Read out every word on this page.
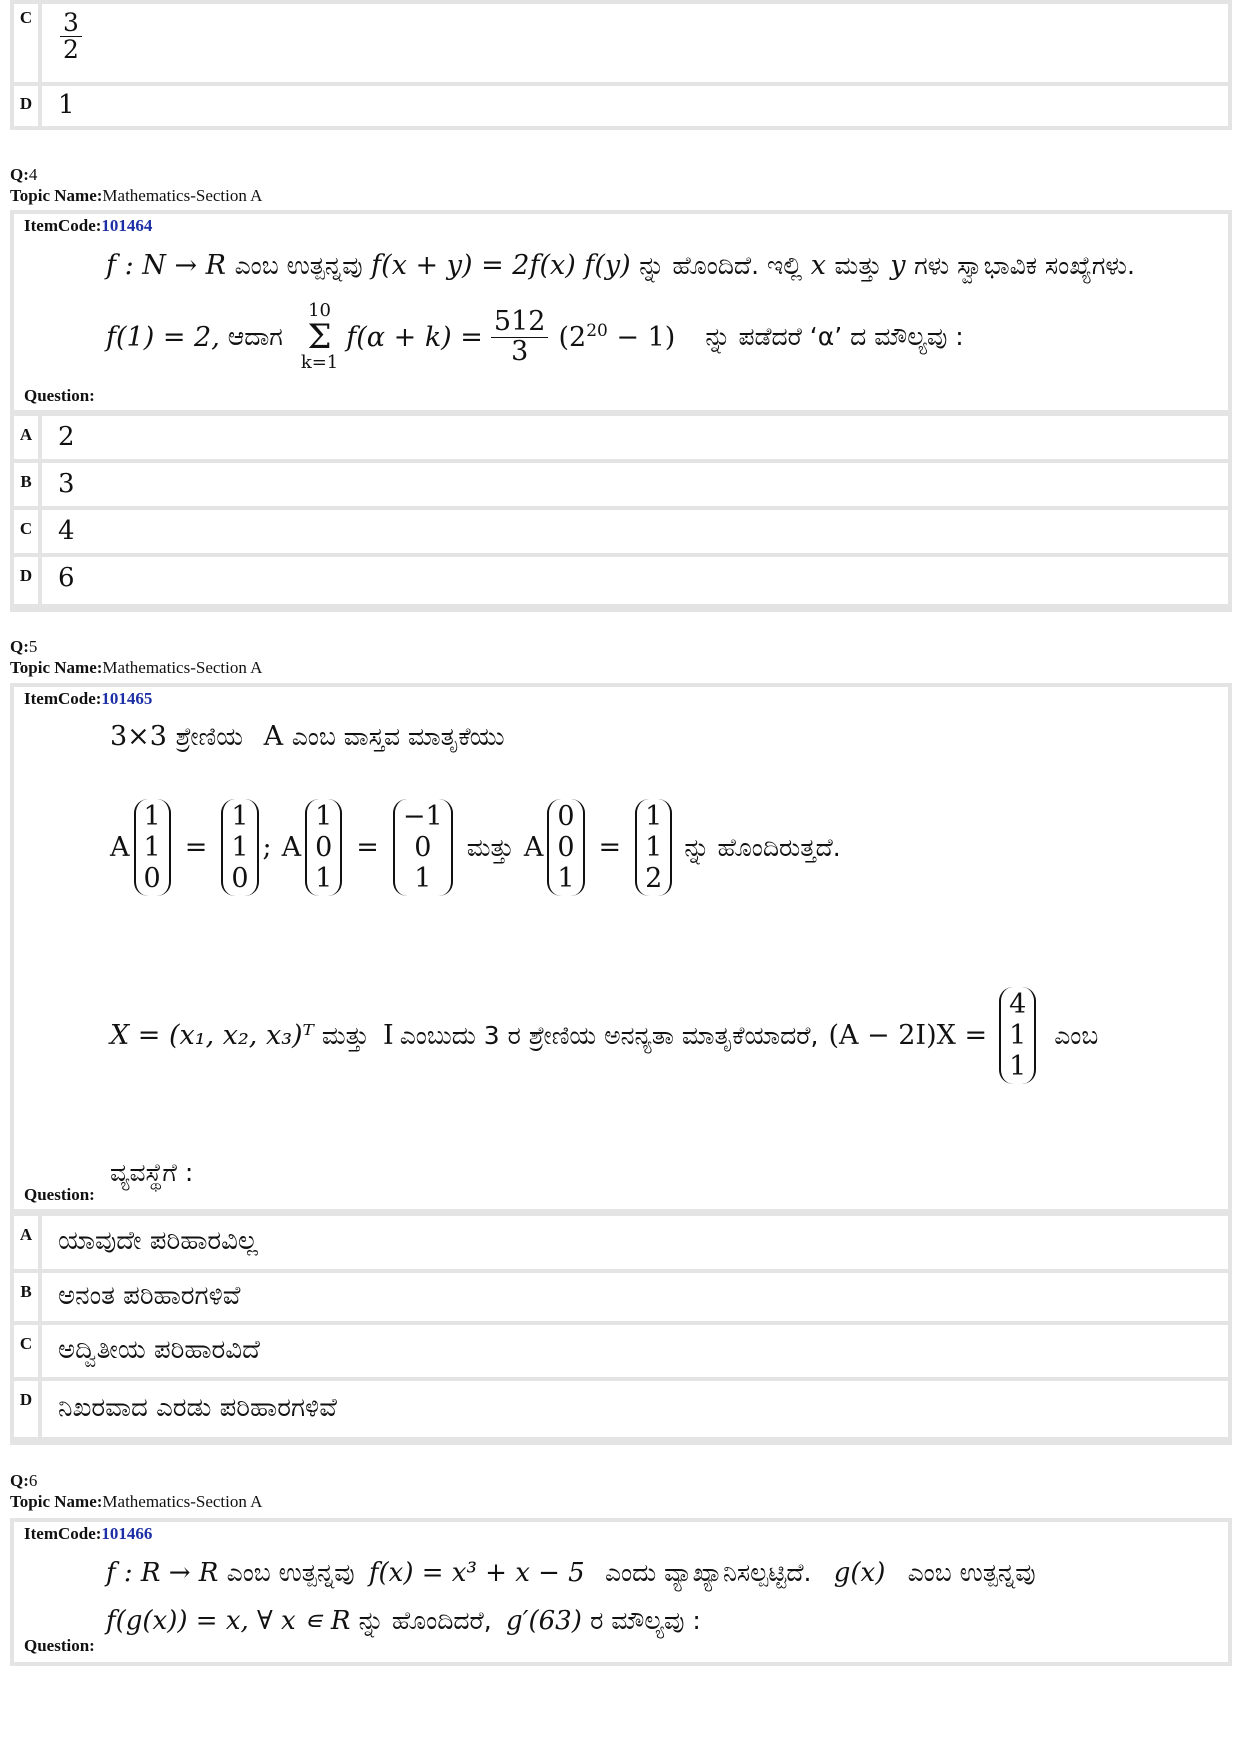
C	$\frac{3}{2}$
D 1
Q:4
Topic Name:Mathematics-Section A
ItemCode:101464
f : N → R ಎಂಬ ಉತ್ಪನ್ನವು f(x + y) = 2f(x) f(y) ನ್ನು ಹೊಂದಿದೆ. ಇಲ್ಲಿ x ಮತ್ತು y ಗಳು ಸ್ವಾಭಾವಿಕ ಸಂಖ್ಯೆಗಳು.
f(1) = 2, ಆದಾಗ
10
Σ
k=1
$f(\alpha + k) = \frac{512}{3} (2^{20} - 1)$ ನ್ನು ಪಡೆದರೆ ‘α’ ದ ಮೌಲ್ಯವು :
Question:
A 2
B	3
C 4
D 6
Q:5
Topic Name:Mathematics-Section A
ItemCode:101465
3×3 ಶ್ರೇಣಿಯ A ಎಂಬ ವಾಸ್ತವ ಮಾತೃಕೆಯು
A
1
1
0
=
1
1
0
; A
1
0
1
=
−1
0
1
ಮತ್ತು A
0
0
1
=
1
1
2
ನ್ನು ಹೊಂದಿರುತ್ತದೆ.
X = (x₁, x₂, x₃)ᵀ ಮತ್ತು I ಎಂಬುದು 3 ರ ಶ್ರೇಣಿಯ ಅನನ್ಯತಾ ಮಾತೃಕೆಯಾದರೆ, (A − 2I)X =
4
1
1
ಎಂಬ
ವ್ಯವಸ್ಥೆಗೆ :
Question:
A ಯಾವುದೇ ಪರಿಹಾರವಿಲ್ಲ
B	ಅನಂತ ಪರಿಹಾರಗಳಿವೆ
C ಅದ್ವಿತೀಯ ಪರಿಹಾರವಿದೆ
D ನಿಖರವಾದ ಎರಡು ಪರಿಹಾರಗಳಿವೆ
Q:6
Topic Name:Mathematics-Section A
ItemCode:101466
f : R → R ಎಂಬ ಉತ್ಪನ್ನವು f(x) = x³ + x − 5 ಎಂದು ವ್ಯಾಖ್ಯಾನಿಸಲ್ಪಟ್ಟಿದೆ. g(x) ಎಂಬ ಉತ್ಪನ್ನವು
f(g(x)) = x, ∀ x ∊ R ನ್ನು ಹೊಂದಿದರೆ, g′(63) ರ ಮೌಲ್ಯವು :
Question:
